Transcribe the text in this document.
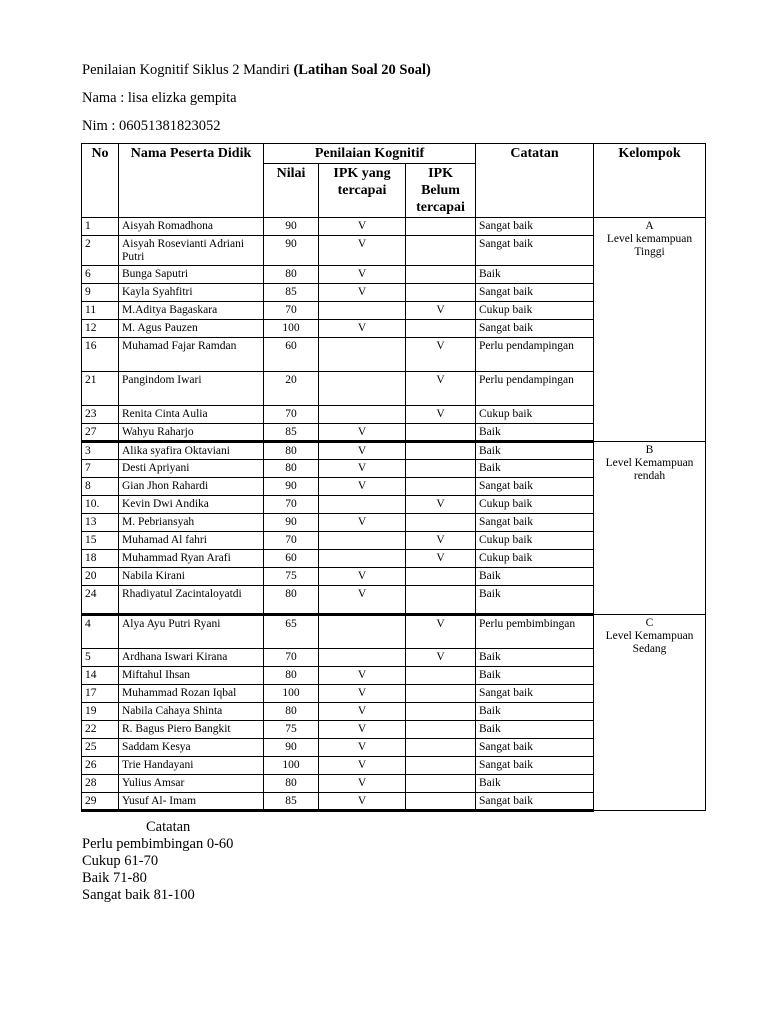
Penilaian Kognitif Siklus 2 Mandiri (Latihan Soal 20 Soal)
Nama : lisa elizka gempita
Nim : 06051381823052
No	Nama Peserta Didik	Penilaian Kognitif			Catatan	Kelompok
		Nilai	IPK yang tercapai	IPK Belum tercapai		
1	Aisyah Romadhona	90	V		Sangat baik	A
Level kemampuan Tinggi

2	Aisyah Rosevianti Adriani Putri	90	V		Sangat baik	
6	Bunga Saputri	80	V		Baik	
9	Kayla Syahfitri	85	V		Sangat baik	
11	M.Aditya Bagaskara	70		V	Cukup baik	
12	M. Agus Pauzen	100	V		Sangat baik	
16	Muhamad Fajar Ramdan	60		V	Perlu pendampingan	
21	Pangindom Iwari	20		V	Perlu pendampingan	
23	Renita Cinta Aulia	70		V	Cukup baik	
27	Wahyu Raharjo	85	V		Baik	
3	Alika syafira Oktaviani	80	V		Baik	B
Level Kemampuan rendah

7	Desti Apriyani	80	V		Baik	
8	Gian Jhon Rahardi	90	V		Sangat baik	
10.	Kevin Dwi Andika	70		V	Cukup baik	
13	M. Pebriansyah	90	V		Sangat baik	
15	Muhamad Al fahri	70		V	Cukup baik	
18	Muhammad Ryan Arafi	60		V	Cukup baik	
20	Nabila Kirani	75	V		Baik	
24	Rhadiyatul Zacintaloyatdi	80	V		Baik	
4	Alya Ayu Putri Ryani	65		V	Perlu pembimbingan	C
Level Kemampuan Sedang

5	Ardhana Iswari Kirana	70		V	Baik	
14	Miftahul Ihsan	80	V		Baik	
17	Muhammad Rozan Iqbal	100	V		Sangat baik	
19	Nabila Cahaya Shinta	80	V		Baik	
22	R. Bagus Piero Bangkit	75	V		Baik	
25	Saddam Kesya	90	V		Sangat baik	
26	Trie Handayani	100	V		Sangat baik	
28	Yulius Amsar	80	V		Baik	
29	Yusuf Al- Imam	85	V		Sangat baik	
Catatan
Perlu pembimbingan 0-60
Cukup 61-70
Baik 71-80
Sangat baik 81-100
